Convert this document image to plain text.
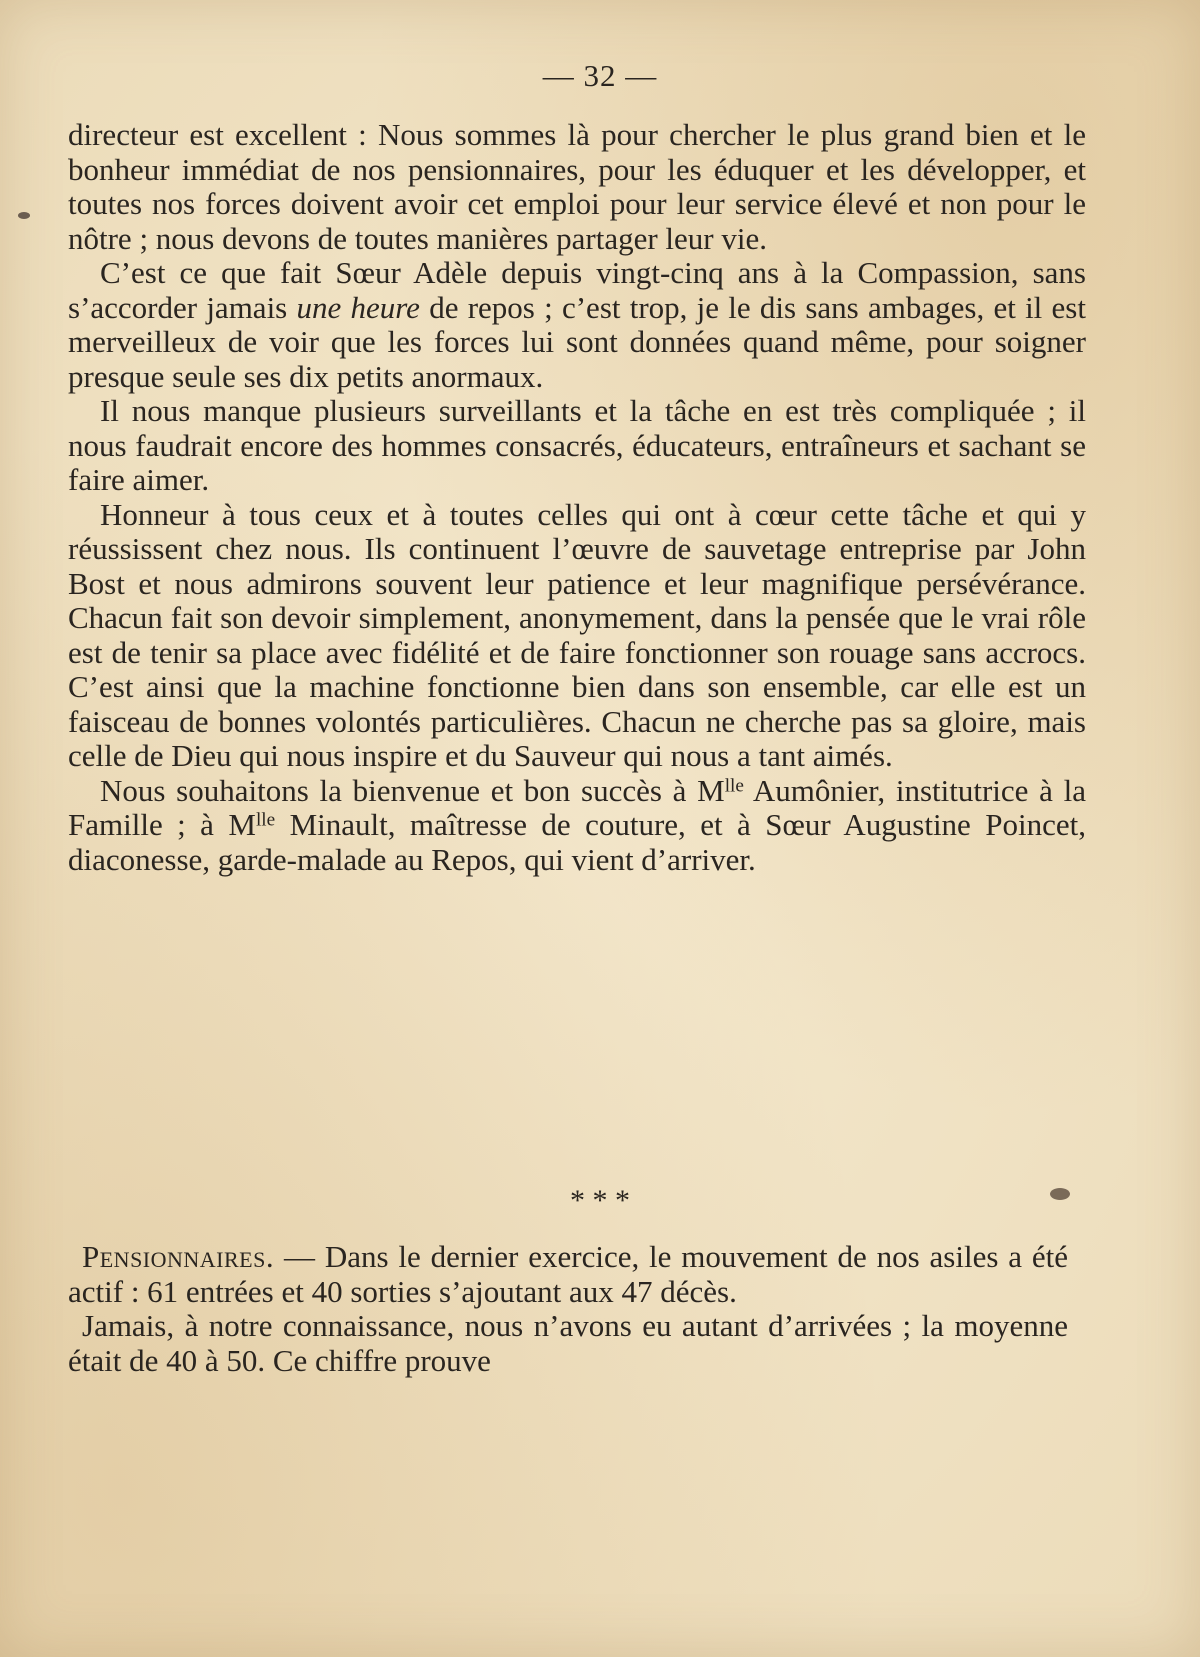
— 32 —

directeur est excellent : Nous sommes là pour chercher le plus grand bien et le bonheur immédiat de nos pensionnaires, pour les éduquer et les développer, et toutes nos forces doivent avoir cet emploi pour leur service élevé et non pour le nôtre ; nous devons de toutes manières partager leur vie.

C’est ce que fait Sœur Adèle depuis vingt-cinq ans à la Compassion, sans s’accorder jamais une heure de repos ; c’est trop, je le dis sans ambages, et il est merveilleux de voir que les forces lui sont données quand même, pour soigner presque seule ses dix petits anormaux.

Il nous manque plusieurs surveillants et la tâche en est très compliquée ; il nous faudrait encore des hommes consacrés, éducateurs, entraîneurs et sachant se faire aimer.

Honneur à tous ceux et à toutes celles qui ont à cœur cette tâche et qui y réussissent chez nous. Ils continuent l’œuvre de sauvetage entreprise par John Bost et nous admirons souvent leur patience et leur magnifique persévérance. Chacun fait son devoir simplement, anonymement, dans la pensée que le vrai rôle est de tenir sa place avec fidélité et de faire fonctionner son rouage sans accrocs. C’est ainsi que la machine fonctionne bien dans son ensemble, car elle est un faisceau de bonnes volontés particulières. Chacun ne cherche pas sa gloire, mais celle de Dieu qui nous inspire et du Sauveur qui nous a tant aimés.

Nous souhaitons la bienvenue et bon succès à $M^{lle}$ Aumônier, institutrice à la Famille ; à $M^{lle}$ Minault, maîtresse de couture, et à Sœur Augustine Poincet, diaconesse, garde-malade au Repos, qui vient d’arriver.

* * *

Pensionnaires. — Dans le dernier exercice, le mouvement de nos asiles a été actif : 61 entrées et 40 sorties s’ajoutant aux 47 décès.

Jamais, à notre connaissance, nous n’avons eu autant d’arrivées ; la moyenne était de 40 à 50. Ce chiffre prouve
